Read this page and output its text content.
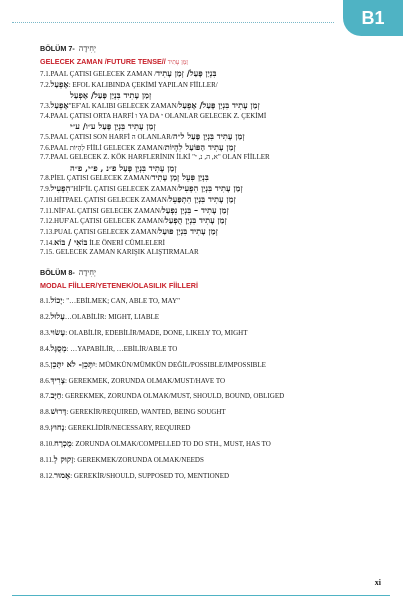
B1
BÖLÜM 7- יְחִידָה
GELECEK ZAMAN /FUTURE TENSE// זְמַן עָתִיד
7.1.PAAL ÇATISI GELECEK ZAMAN /בִּנְיַן פָּעַל/ זְמַן עָתִיד
7.2.אֶפְעַל: EFOL KALIBINDA ÇEKİMİ YAPILAN FİİLLER/
זְמַן עָתִיד בִּנְיַן פָּעַל/ אֶפְעַל
7.3.אֶפְעַל"EF'AL KALIBI GELECEK ZAMAN/זְמַן עָתִיד בִּנְיַן פָּעַל/ אֶפְעַל
7.4.PAAL ÇATISI ORTA HARFİ ו YA DA י OLANLAR GELECEK Z. ÇEKİMİ
זְמַן עָתִיד בִּנְיַן פָּעַל ע״ו/ ע״י
7.5.PAAL ÇATISI SON HARFİ ה OLANLAR/זְמַן עָתִיד בִּנְיַן פָּעַל ל״ה
7.6.PAAL לִהְיוֹת FİİLİ GELECEK ZAMAN/זְמַן עָתִיד הַפּוֹעַל לִהְיוֹת
7.7.PAAL GELECEK Z. KÖK HARFLERİNIN İLKİ "א, ה, נ, י" OLAN FİİLLER
זְמַן עָתִיד בִּנְיַן פָּעַל פ״נ , פ״י, פ״ה
7.8.PİEL ÇATISI GELECEK ZAMAN/בִּנְיַן פִּעֵל זְמַן עָתִיד
7.9.הִפְעִיל"HİF'İL ÇATISI GELECEK ZAMAN/זְמַן עָתִיד בִּנְיַן הִפְעִיל
7.10.HİTPAEL ÇATISI GELECEK ZAMAN/זְמַן עָתִיד בִּנְיַן הִתְפַּעֵל
7.11.NİF'AL ÇATISI GELECEK ZAMAN/זְמַן עָתִיד – בִּנְיַן נִפְעַל
7.12.HUF'AL ÇATISI GELECEK ZAMAN/זְמַן עָתִיד בִּנְיַן הֻפְעַל
7.13.PUAL ÇATISI GELECEK ZAMAN/זְמַן עָתִיד בִּנְיַן פּוּעַל
7.14.בּוֹאִי / בּוֹא İLE ÖNERİ CÜMLELERİ
7.15. GELECEK ZAMAN KARIŞIK ALIŞTIRMALAR
BÖLÜM 8- יְחִידָה
MODAL FİİLLER/YETENEK/OLASILIK FİİLLERİ
8.1.יָכוֹל: "…EBİLMEK; CAN, ABLE TO, MAY"
8.2.עָלוּל…OLABİLİR: MIGHT, LIABLE
8.3.עָשׂוּי: OLABİLİR, EDEBİLİR/MADE, DONE, LIKELY TO, MIGHT
8.4.מְסֻגָּל: …YAPABİLİR, …EBİLİR/ABLE TO
8.5.יִתָּכֵן- לֹא יִתָּכֵן: MÜMKÜN/MÜMKÜN DEĞİL/POSSIBLE/IMPOSSIBLE
8.6.צָרִיךְ: GEREKMEK, ZORUNDA OLMAK/MUST/HAVE TO
8.7.חַיָּב: GEREKMEK, ZORUNDA OLMAK/MUST, SHOULD, BOUND, OBLIGED
8.8.דָּרוּשׁ: GEREKİR/REQUIRED, WANTED, BEING SOUGHT
8.9.נָחוּץ: GEREKLİDİR/NECESSARY, REQUIRED
8.10.מֻכְרָח: ZORUNDA OLMAK/COMPELLED TO DO STH., MUST, HAS TO
8.11.זָקוּק לְ: GEREKMEK/ZORUNDA OLMAK/NEEDS
8.12.אָמוּר: GEREKİR/SHOULD, SUPPOSED TO, MENTIONED
xi
